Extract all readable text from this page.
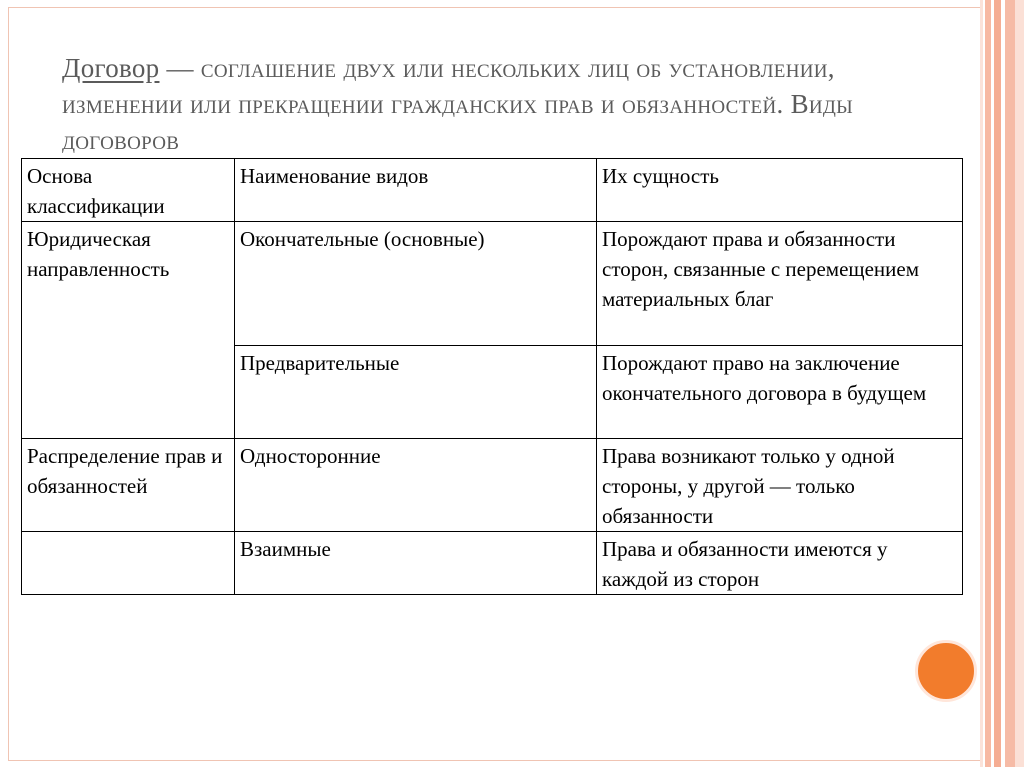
Договор — соглашение двух или нескольких лиц об установлении, изменении или прекращении гражданских прав и обязанностей. Виды договоров
Основа классификации	Наименование видов	Их сущность
Юридическая направленность	Окончательные (основные)	Порождают права и обязанности сторон, связанные с перемещением материальных благ
	Предварительные	Порождают право на заключение окончательного договора в будущем
Распределение прав и обязанностей	Односторонние	Права возникают только у одной стороны, у другой — только обязанности
	Взаимные	Права и обязанности имеются у каждой из сторон
